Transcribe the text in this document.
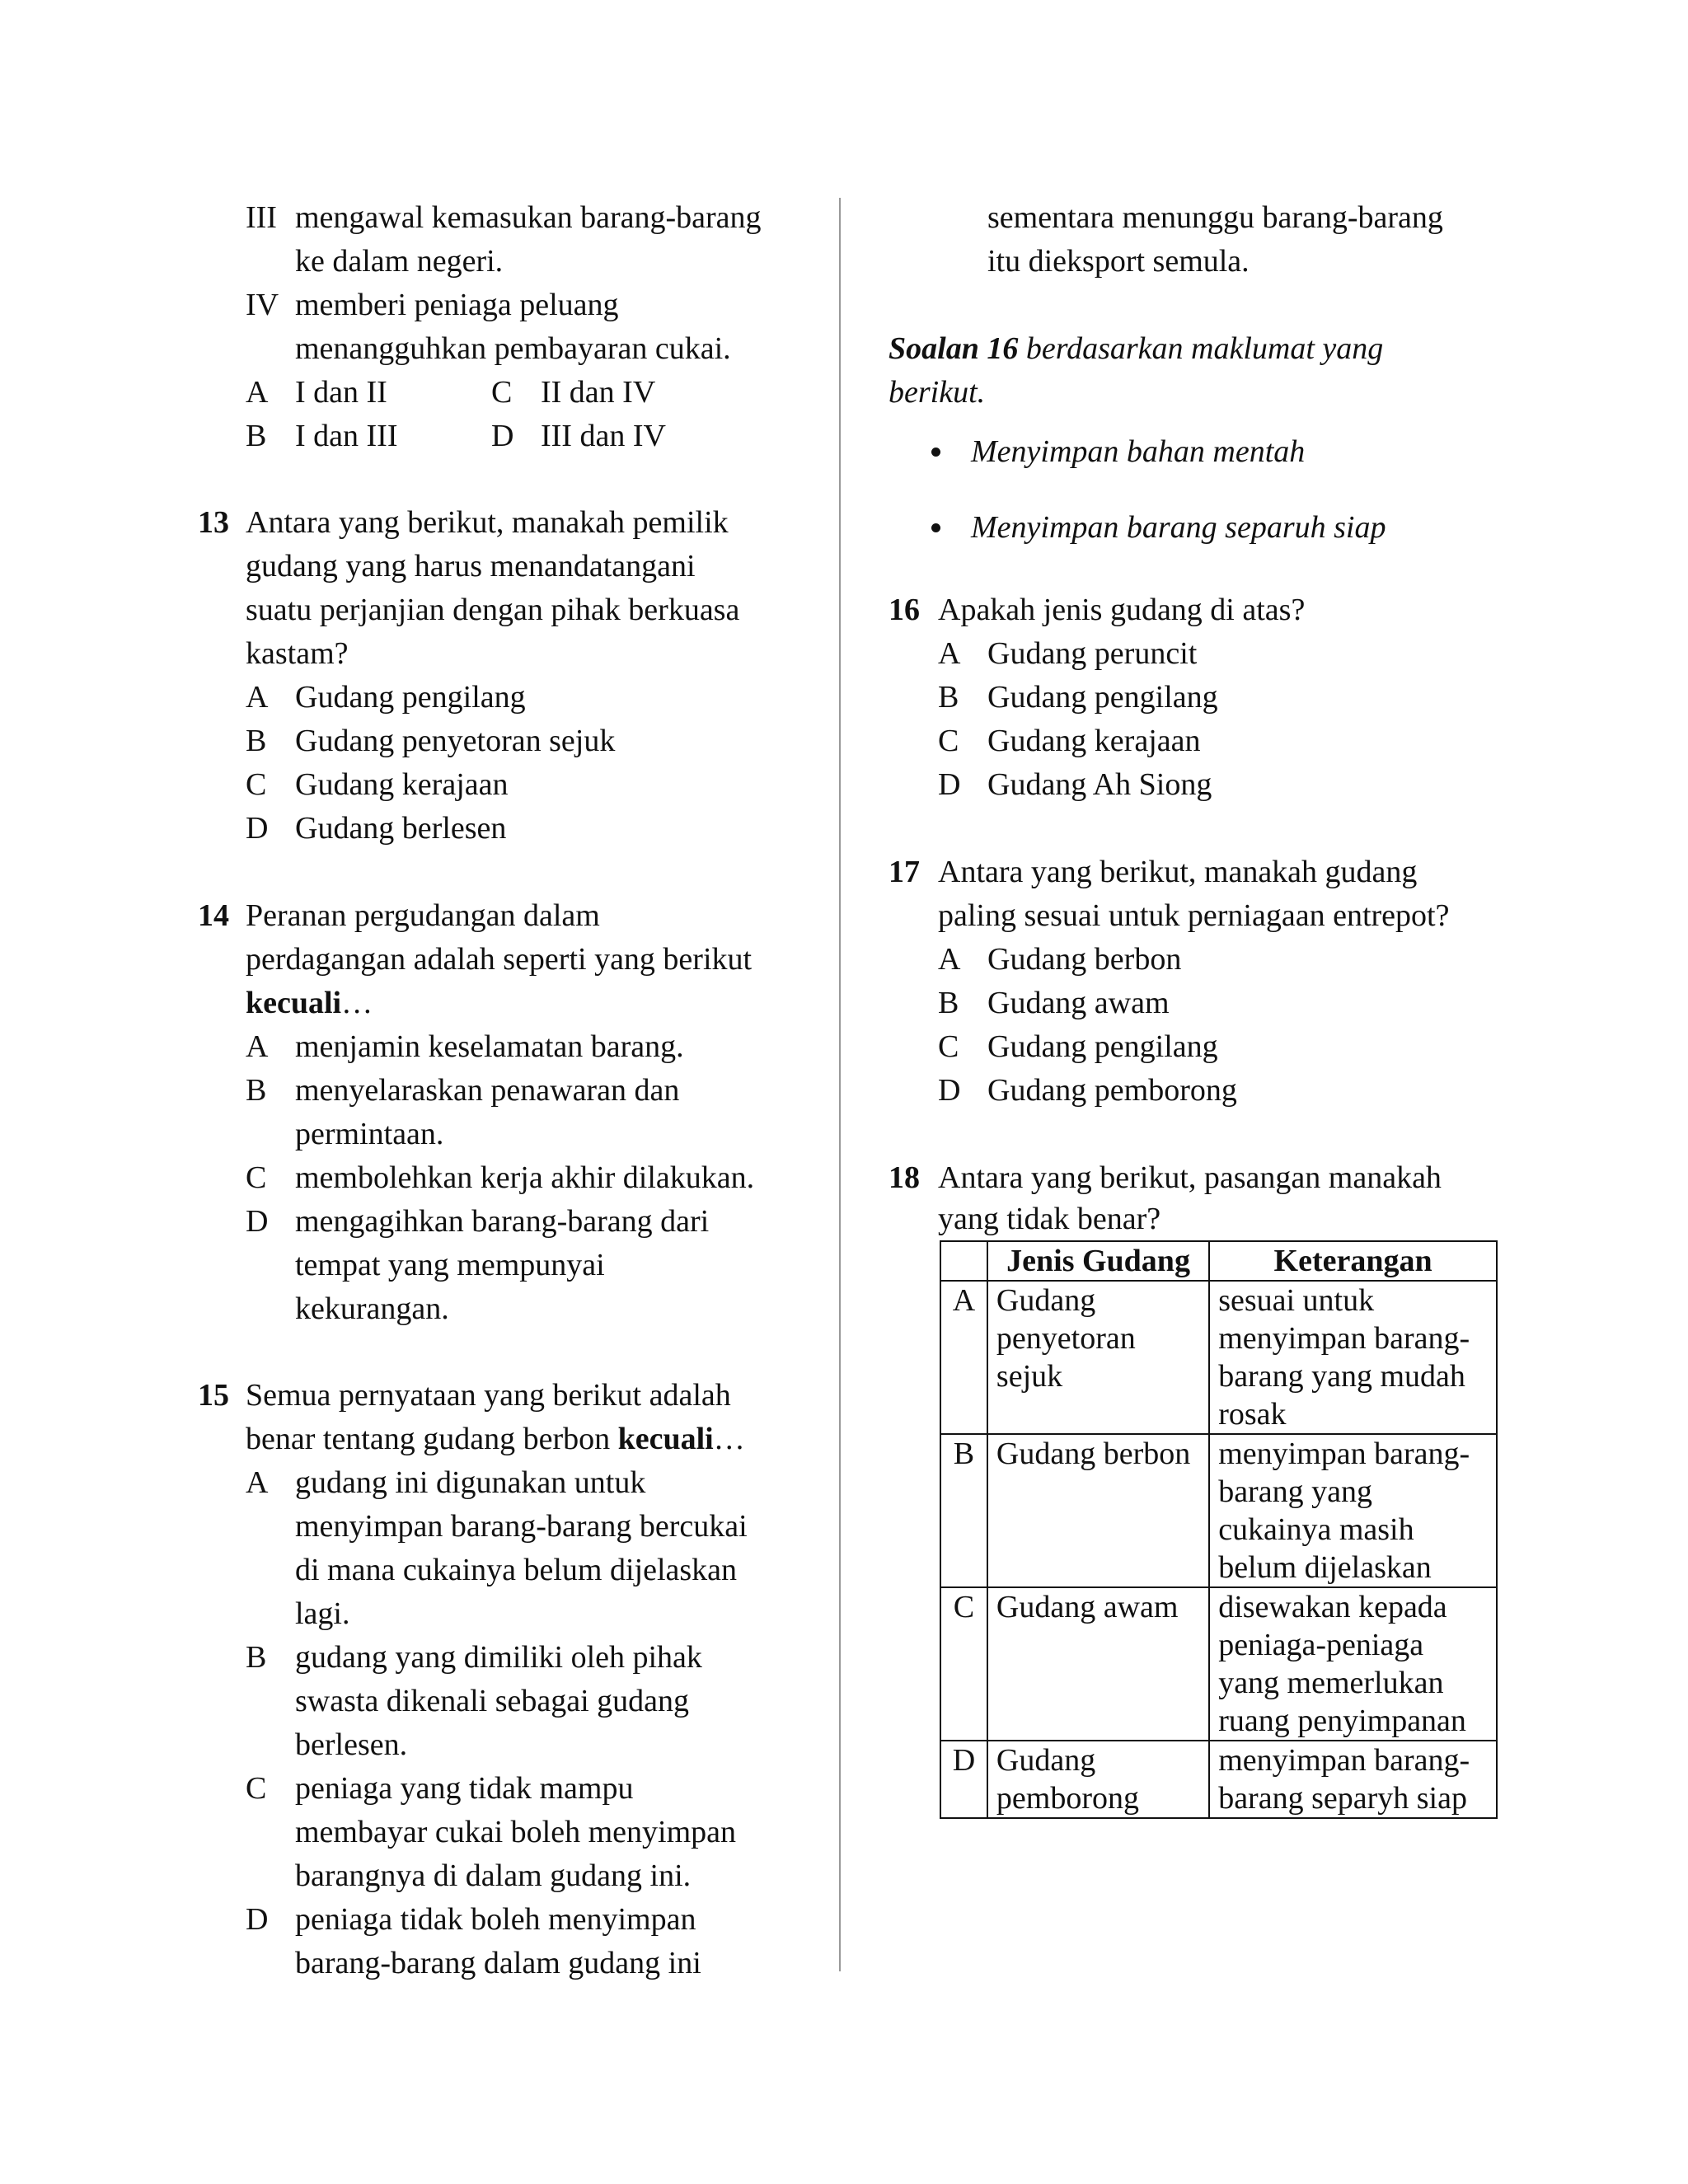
III mengawal kemasukan barang-barang
ke dalam negeri.
IV memberi peniaga peluang
menangguhkan pembayaran cukai.
A I dan II	C II dan IV
B I dan III	D III dan IV
13 Antara yang berikut, manakah pemilik
gudang yang harus menandatangani
suatu perjanjian dengan pihak berkuasa
kastam?
A Gudang pengilang
B Gudang penyetoran sejuk
C Gudang kerajaan
D Gudang berlesen
14 Peranan pergudangan dalam
perdagangan adalah seperti yang berikut
kecuali…
A menjamin keselamatan barang.
B menyelaraskan penawaran dan
permintaan.
C membolehkan kerja akhir dilakukan.
D mengagihkan barang-barang dari
tempat yang mempunyai
kekurangan.
15 Semua pernyataan yang berikut adalah
benar tentang gudang berbon kecuali…
A gudang ini digunakan untuk
menyimpan barang-barang bercukai
di mana cukainya belum dijelaskan
lagi.
B gudang yang dimiliki oleh pihak
swasta dikenali sebagai gudang
berlesen.
C peniaga yang tidak mampu
membayar cukai boleh menyimpan
barangnya di dalam gudang ini.
D peniaga tidak boleh menyimpan
barang-barang dalam gudang ini
sementara menunggu barang-barang
itu dieksport semula.
Soalan 16 berdasarkan maklumat yang
berikut.
Menyimpan bahan mentah
Menyimpan barang separuh siap
16 Apakah jenis gudang di atas?
A Gudang peruncit
B Gudang pengilang
C Gudang kerajaan
D Gudang Ah Siong
17 Antara yang berikut, manakah gudang
paling sesuai untuk perniagaan entrepot?
A Gudang berbon
B Gudang awam
C Gudang pengilang
D Gudang pemborong
18 Antara yang berikut, pasangan manakah
yang tidak benar?
	Jenis Gudang	Keterangan
A	Gudang penyetoran sejuk	sesuai untuk menyimpan barang-barang yang mudah rosak
B	Gudang berbon	menyimpan barang-barang yang cukainya masih belum dijelaskan
C	Gudang awam	disewakan kepada peniaga-peniaga yang memerlukan ruang penyimpanan
D	Gudang pemborong	menyimpan barang-barang separyh siap
